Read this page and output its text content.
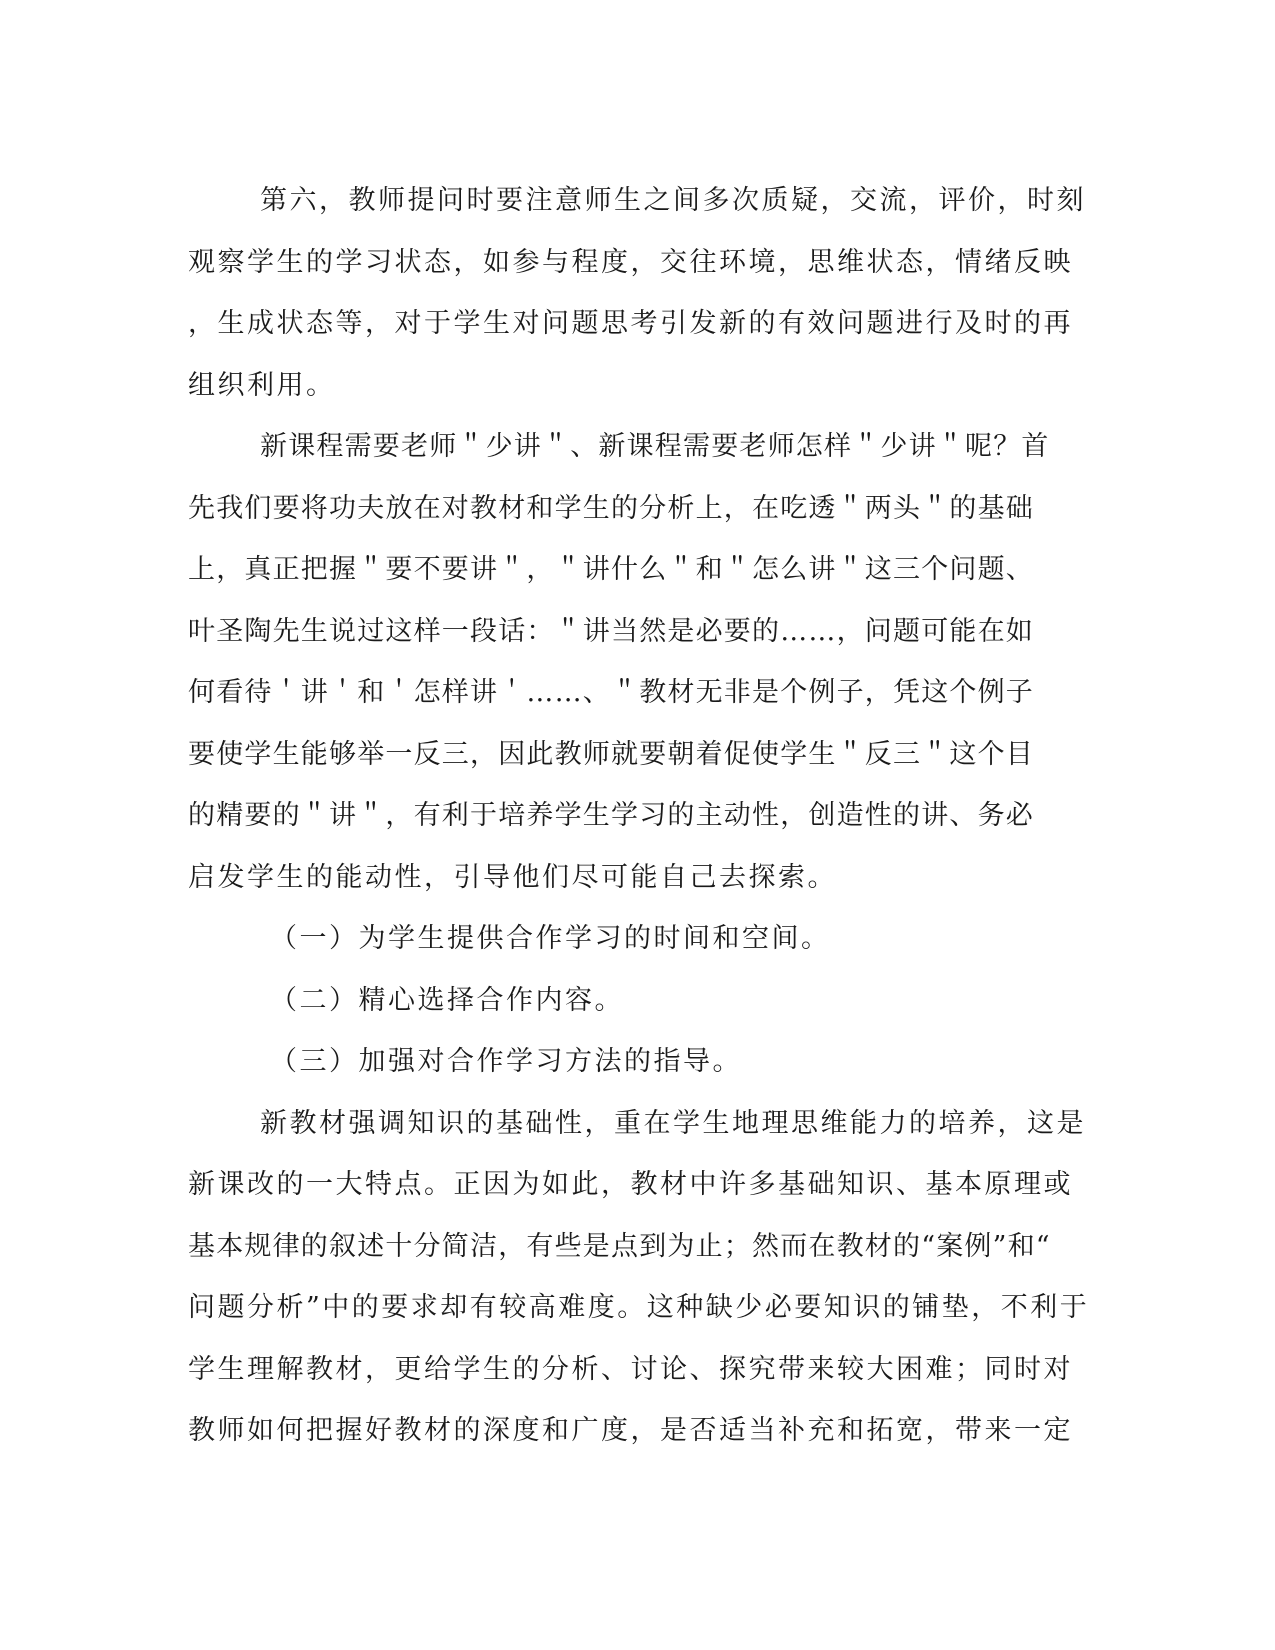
第六，教师提问时要注意师生之间多次质疑，交流，评价，时刻
观察学生的学习状态，如参与程度，交往环境，思维状态，情绪反映
，生成状态等，对于学生对问题思考引发新的有效问题进行及时的再
组织利用。
新课程需要老师＂少讲＂、新课程需要老师怎样＂少讲＂呢？首
先我们要将功夫放在对教材和学生的分析上，在吃透＂两头＂的基础
上，真正把握＂要不要讲＂，＂讲什么＂和＂怎么讲＂这三个问题、
叶圣陶先生说过这样一段话：＂讲当然是必要的……，问题可能在如
何看待＇讲＇和＇怎样讲＇……、＂教材无非是个例子，凭这个例子
要使学生能够举一反三，因此教师就要朝着促使学生＂反三＂这个目
的精要的＂讲＂，有利于培养学生学习的主动性，创造性的讲、务必
启发学生的能动性，引导他们尽可能自己去探索。
（一）为学生提供合作学习的时间和空间。
（二）精心选择合作内容。
（三）加强对合作学习方法的指导。
新教材强调知识的基础性，重在学生地理思维能力的培养，这是
新课改的一大特点。正因为如此，教材中许多基础知识、基本原理或
基本规律的叙述十分简洁，有些是点到为止；然而在教材的“案例”和“
问题分析”中的要求却有较高难度。这种缺少必要知识的铺垫，不利于
学生理解教材，更给学生的分析、讨论、探究带来较大困难；同时对
教师如何把握好教材的深度和广度，是否适当补充和拓宽，带来一定
